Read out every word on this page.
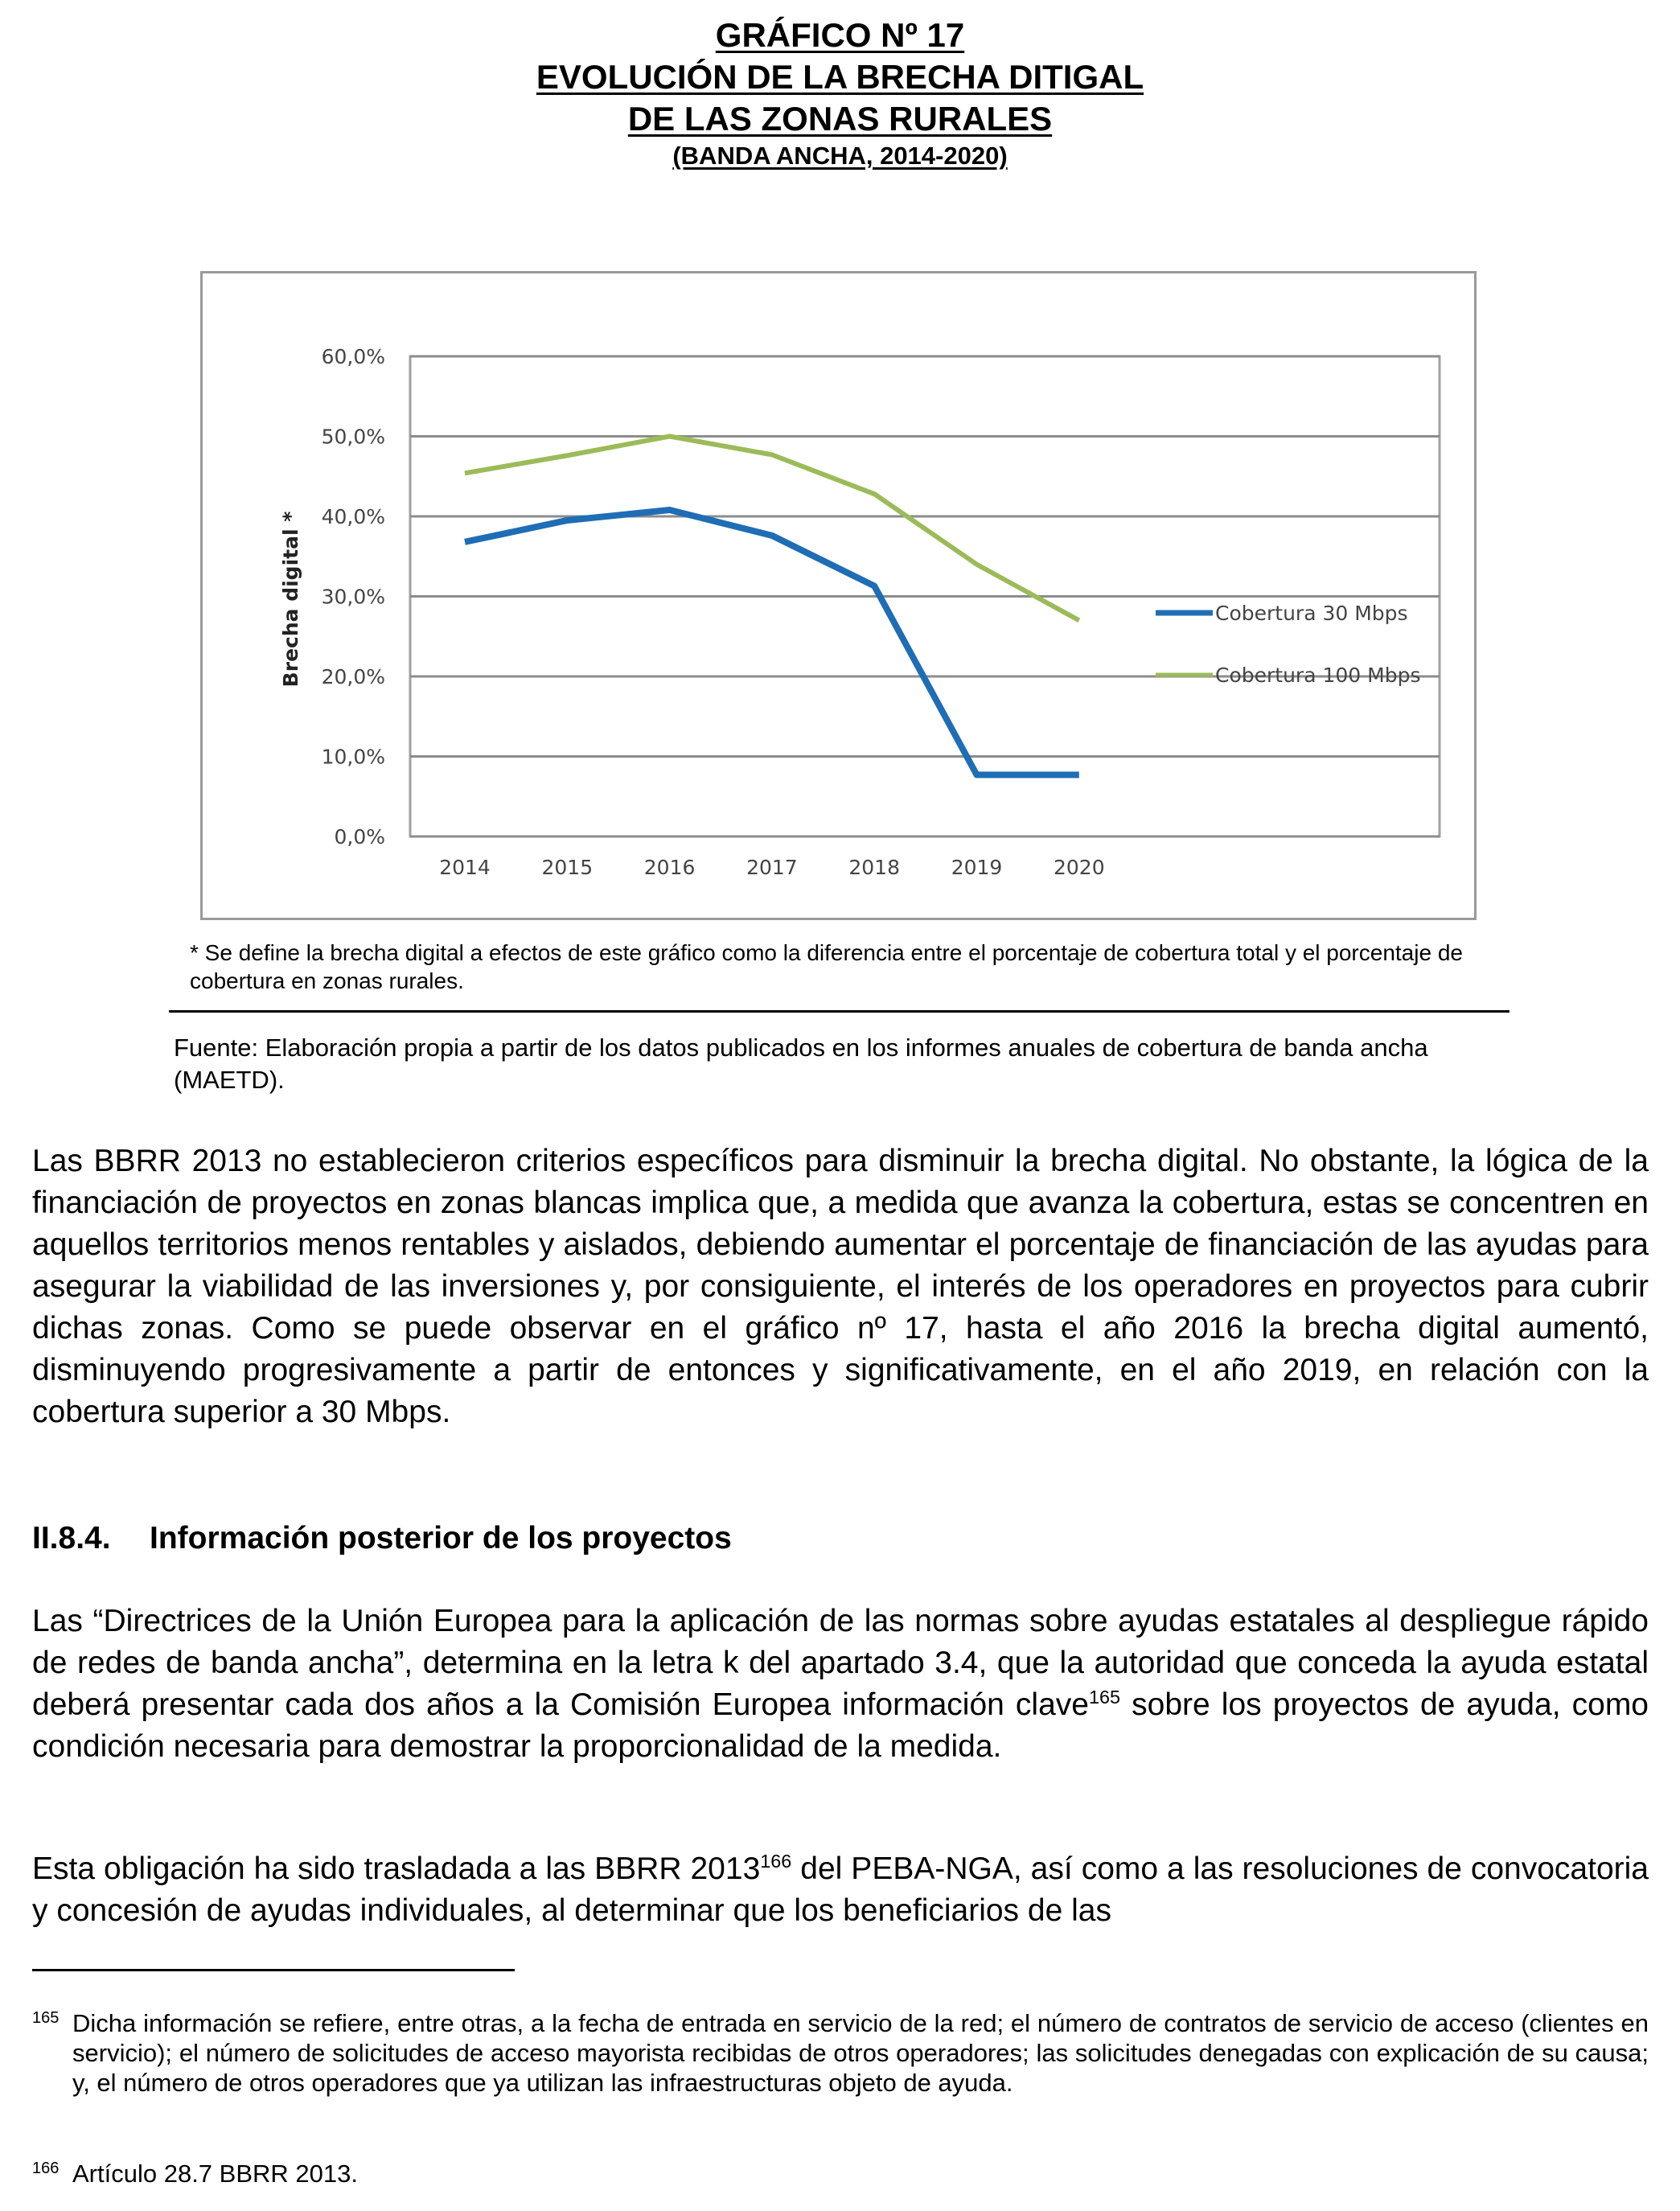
GRÁFICO Nº 17
EVOLUCIÓN DE LA BRECHA DITIGAL
DE LAS ZONAS RURALES
(BANDA ANCHA, 2014-2020)
0,0%
10,0%
20,0%
30,0%
40,0%
50,0%
60,0%
2014	2015	2016	2017	2018	2019	2020
Brecha digital *	Cobertura 30 Mbps
Cobertura 100 Mbps
* Se define la brecha digital a efectos de este gráfico como la diferencia entre el porcentaje de cobertura total y el porcentaje de cobertura en zonas rurales.
Fuente: Elaboración propia a partir de los datos publicados en los informes anuales de cobertura de banda ancha (MAETD).
Las BBRR 2013 no establecieron criterios específicos para disminuir la brecha digital. No obstante, la lógica de la financiación de proyectos en zonas blancas implica que, a medida que avanza la cobertura, estas se concentren en aquellos territorios menos rentables y aislados, debiendo aumentar el porcentaje de financiación de las ayudas para asegurar la viabilidad de las inversiones y, por consiguiente, el interés de los operadores en proyectos para cubrir dichas zonas. Como se puede observar en el gráfico nº 17, hasta el año 2016 la brecha digital aumentó, disminuyendo progresivamente a partir de entonces y significativamente, en el año 2019, en relación con la cobertura superior a 30 Mbps.
II.8.4. Información posterior de los proyectos
Las “Directrices de la Unión Europea para la aplicación de las normas sobre ayudas estatales al despliegue rápido de redes de banda ancha”, determina en la letra k del apartado 3.4, que la autoridad que conceda la ayuda estatal deberá presentar cada dos años a la Comisión Europea información clave$^{165}$ sobre los proyectos de ayuda, como condición necesaria para demostrar la proporcionalidad de la medida.
Esta obligación ha sido trasladada a las BBRR 2013$^{166}$ del PEBA-NGA, así como a las resoluciones de convocatoria y concesión de ayudas individuales, al determinar que los beneficiarios de las
165 Dicha información se refiere, entre otras, a la fecha de entrada en servicio de la red; el número de contratos de servicio de acceso (clientes en servicio); el número de solicitudes de acceso mayorista recibidas de otros operadores; las solicitudes denegadas con explicación de su causa; y, el número de otros operadores que ya utilizan las infraestructuras objeto de ayuda.
166 Artículo 28.7 BBRR 2013.
